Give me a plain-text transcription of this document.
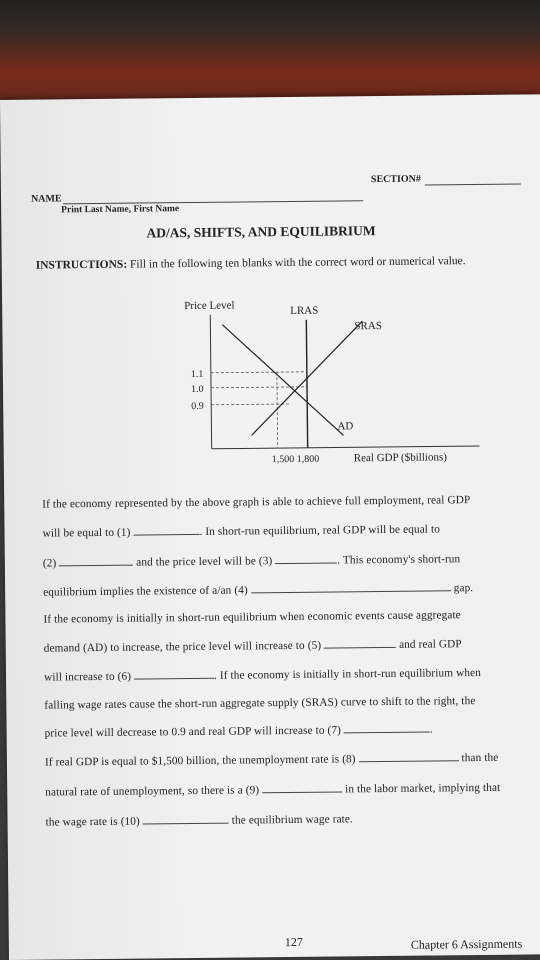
SECTION#
NAME
Print Last Name, First Name
AD/AS, SHIFTS, AND EQUILIBRIUM
INSTRUCTIONS: Fill in the following ten blanks with the correct word or numerical value.
Price Level	LRAS
SRAS
AD
1.1
1.0
0.9
1,500 1,800	Real GDP ($billions)
If the economy represented by the above graph is able to achieve full employment, real GDP
will be equal to (1)	. In short-run equilibrium, real GDP will be equal to
(2)	and the price level will be (3)	. This economy's short-run
equilibrium implies the existence of a/an (4)	gap.
If the economy is initially in short-run equilibrium when economic events cause aggregate
demand (AD) to increase, the price level will increase to (5)	and real GDP
will increase to (6)	. If the economy is initially in short-run equilibrium when
falling wage rates cause the short-run aggregate supply (SRAS) curve to shift to the right, the
price level will decrease to 0.9 and real GDP will increase to (7)	.
If real GDP is equal to $1,500 billion, the unemployment rate is (8)	than the
natural rate of unemployment, so there is a (9)	in the labor market, implying that
the wage rate is (10)	the equilibrium wage rate.
127	Chapter 6 Assignments
